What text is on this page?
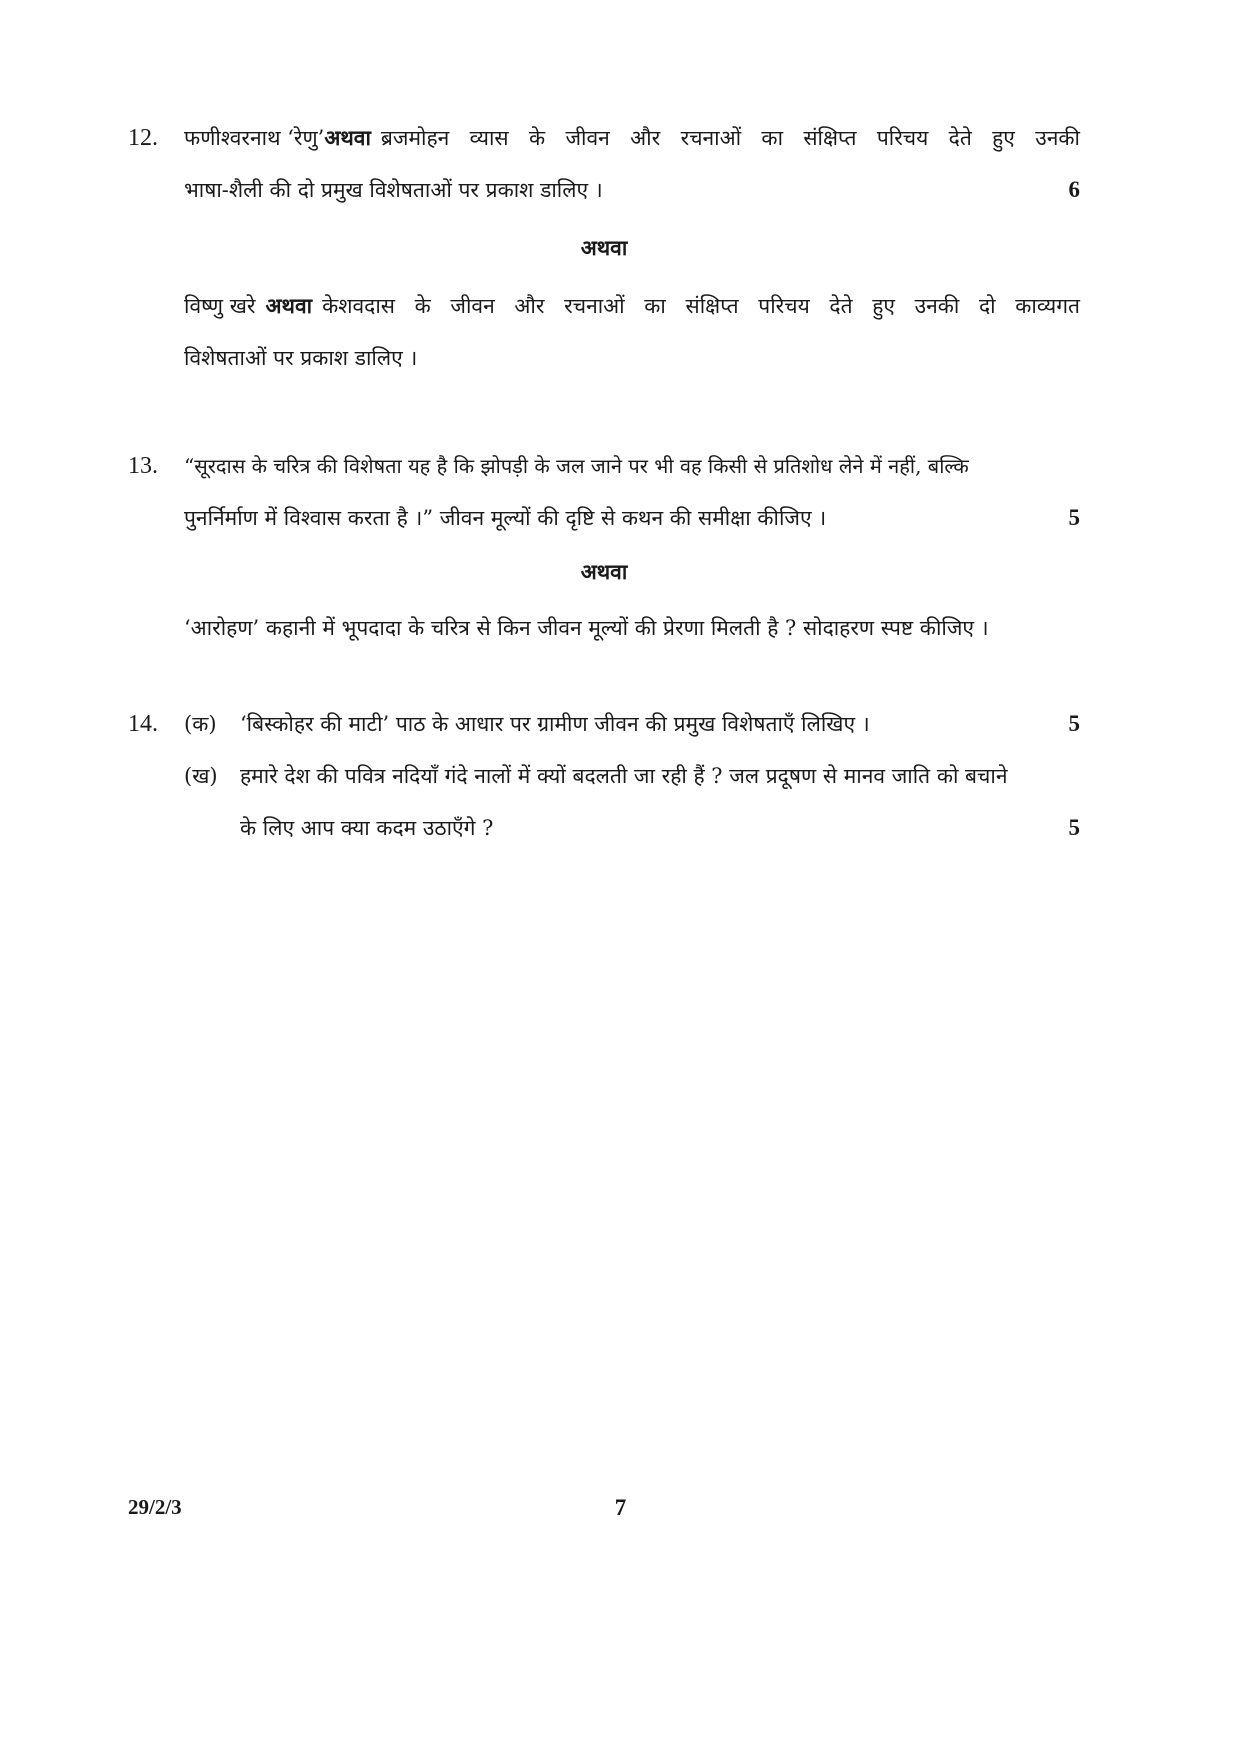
12. फणीश्वरनाथ ‘रेणु’ अथवा ब्रजमोहन व्यास के जीवन और रचनाओं का संक्षिप्त परिचय देते हुए उनकी
भाषा-शैली की दो प्रमुख विशेषताओं पर प्रकाश डालिए ।	6
अथवा
विष्णु खरे अथवा केशवदास के जीवन और रचनाओं का संक्षिप्त परिचय देते हुए उनकी दो काव्यगत
विशेषताओं पर प्रकाश डालिए ।
13.	“सूरदास के चरित्र की विशेषता यह है कि झोपड़ी के जल जाने पर भी वह किसी से प्रतिशोध लेने में नहीं, बल्कि
पुनर्निर्माण में विश्वास करता है ।” जीवन मूल्यों की दृष्टि से कथन की समीक्षा कीजिए ।	5
अथवा
‘आरोहण’ कहानी में भूपदादा के चरित्र से किन जीवन मूल्यों की प्रेरणा मिलती है ? सोदाहरण स्पष्ट कीजिए ।
14. (क)	‘बिस्कोहर की माटी’ पाठ के आधार पर ग्रामीण जीवन की प्रमुख विशेषताएँ लिखिए ।	5
(ख)	हमारे देश की पवित्र नदियाँ गंदे नालों में क्यों बदलती जा रही हैं ? जल प्रदूषण से मानव जाति को बचाने
के लिए आप क्या कदम उठाएँगे ?	5
29/2/3	7
